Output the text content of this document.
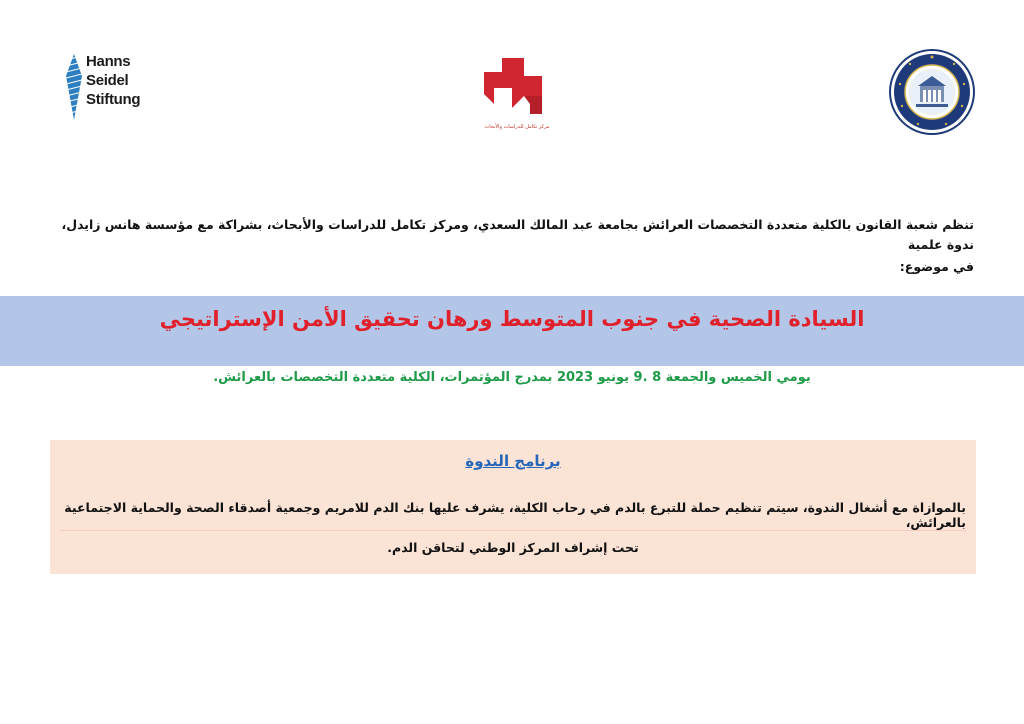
Hanns
Seidel
Stiftung
مركز تكامل للدراسات والأبحاث
تنظم شعبة القانون بالكلية متعددة التخصصات العرائش بجامعة عبد المالك السعدي، ومركز تكامل للدراسات والأبحاث، بشراكة مع مؤسسة هانس زايدل، ندوة علمية
في موضوع:
السيادة الصحية في جنوب المتوسط ورهان تحقيق الأمن الإستراتيجي
يومي الخميس والجمعة 8 .9 يونيو 2023 بمدرج المؤتمرات، الكلية متعددة التخصصات بالعرائش.
برنامج الندوة
بالموازاة مع أشغال الندوة، سيتم تنظيم حملة للتبرع بالدم في رحاب الكلية، يشرف عليها بنك الدم للامريم وجمعية أصدقاء الصحة والحماية الاجتماعية بالعرائش،
تحت إشراف المركز الوطني لتحاقن الدم.
